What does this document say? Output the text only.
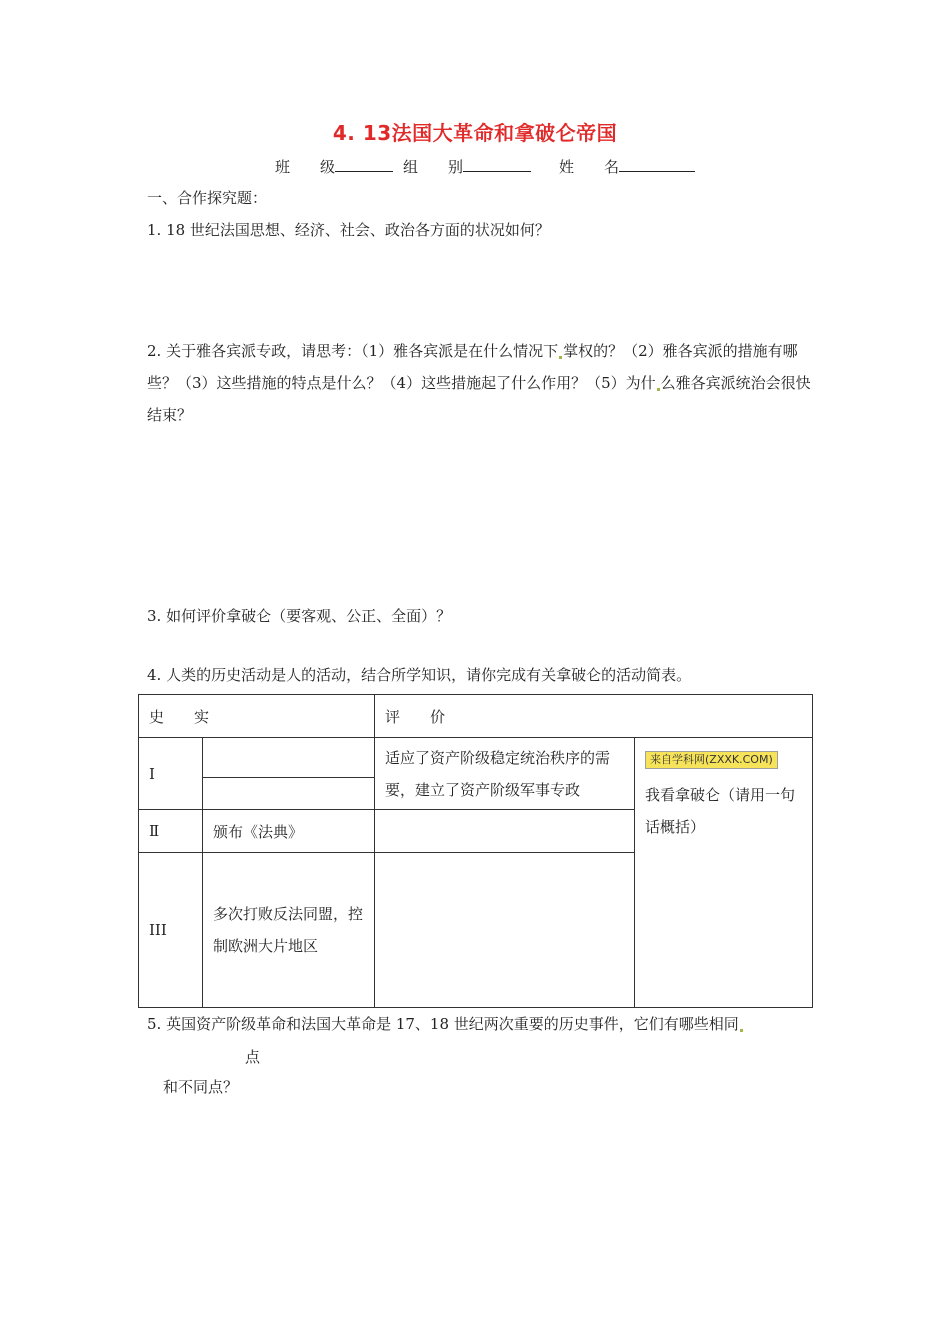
4. 13法国大革命和拿破仑帝国
班　　级	组　　别	姓　　名
一、合作探究题：
1. 18 世纪法国思想、经济、社会、政治各方面的状况如何？
2. 关于雅各宾派专政，请思考：（1）雅各宾派是在什么情况下 掌权的？（2）雅各宾派的措施有哪些？（3）这些措施的特点是什么？（4）这些措施起了什么作用？（5）为什 么雅各宾派统治会很快结束？
3. 如何评价拿破仑（要客观、公正、全面）？
4. 人类的历史活动是人的活动，结合所学知识，请你完成有关拿破仑的活动简表。
史　　实		评　　价	
I		适应了资产阶级稳定统治秩序的需要，建立了资产阶级军事专政	来自学科网(ZXXK.COM)
我看拿破仑（请用一句话概括）

Ⅱ	颁布《法典》		
III	多次打败反法同盟，控制欧洲大片地区		
5. 英国资产阶级革命和法国大革命是 17、18 世纪两次重要的历史事件，它们有哪些相同
点
和不同点？
